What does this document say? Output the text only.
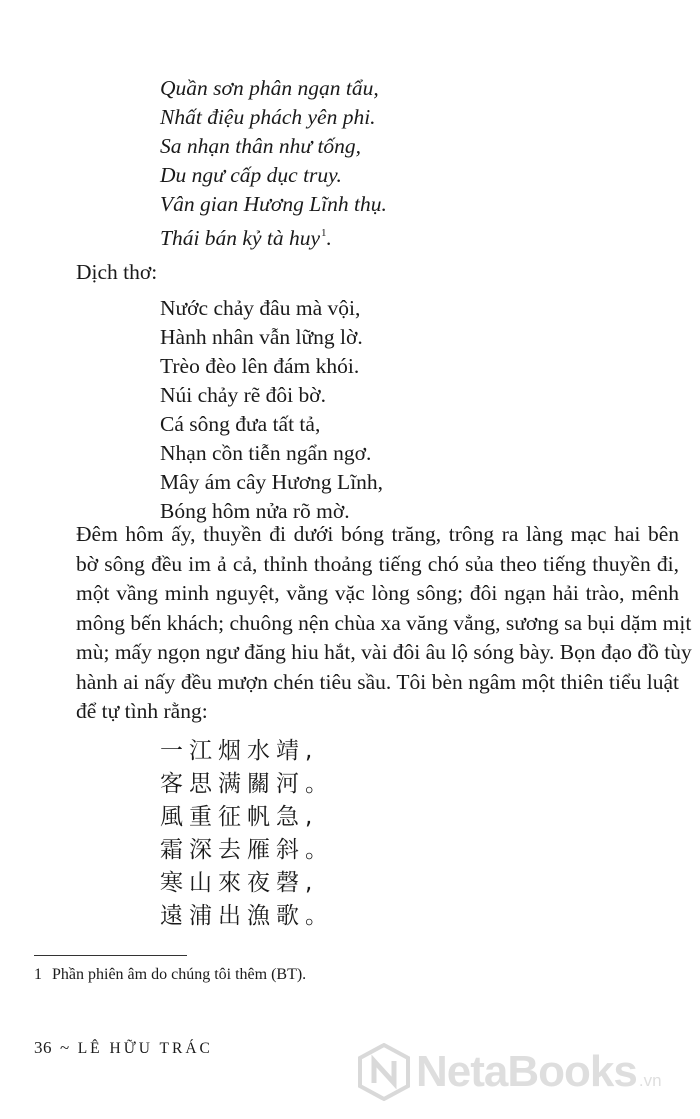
Quần sơn phân ngạn tẩu,
Nhất điệu phách yên phi.
Sa nhạn thân như tống,
Du ngư cấp dục truy.
Vân gian Hương Lĩnh thụ.
Thái bán kỷ tà huy$^1$.
Dịch thơ:
Nước chảy đâu mà vội,
Hành nhân vẫn lững lờ.
Trèo đèo lên đám khói.
Núi chảy rẽ đôi bờ.
Cá sông đưa tất tả,
Nhạn cồn tiễn ngẩn ngơ.
Mây ám cây Hương Lĩnh,
Bóng hôm nửa rõ mờ.
Đêm hôm ấy, thuyền đi dưới bóng trăng, trông ra làng mạc hai bên
bờ sông đều im ả cả, thỉnh thoảng tiếng chó sủa theo tiếng thuyền đi,
một vầng minh nguyệt, vằng vặc lòng sông; đôi ngạn hải trào, mênh
mông bến khách; chuông nện chùa xa văng vẳng, sương sa bụi dặm mịt
mù; mấy ngọn ngư đăng hiu hắt, vài đôi âu lộ sóng bày. Bọn đạo đồ tùy
hành ai nấy đều mượn chén tiêu sầu. Tôi bèn ngâm một thiên tiểu luật
để tự tình rằng:
一江烟水靖,
客思满關河。
風重征帆急,
霜深去雁斜。
寒山來夜磬,
遠浦出漁歌。
1 Phần phiên âm do chúng tôi thêm (BT).
36 ~ LÊ HỮU TRÁC	NetaBooks .vn
